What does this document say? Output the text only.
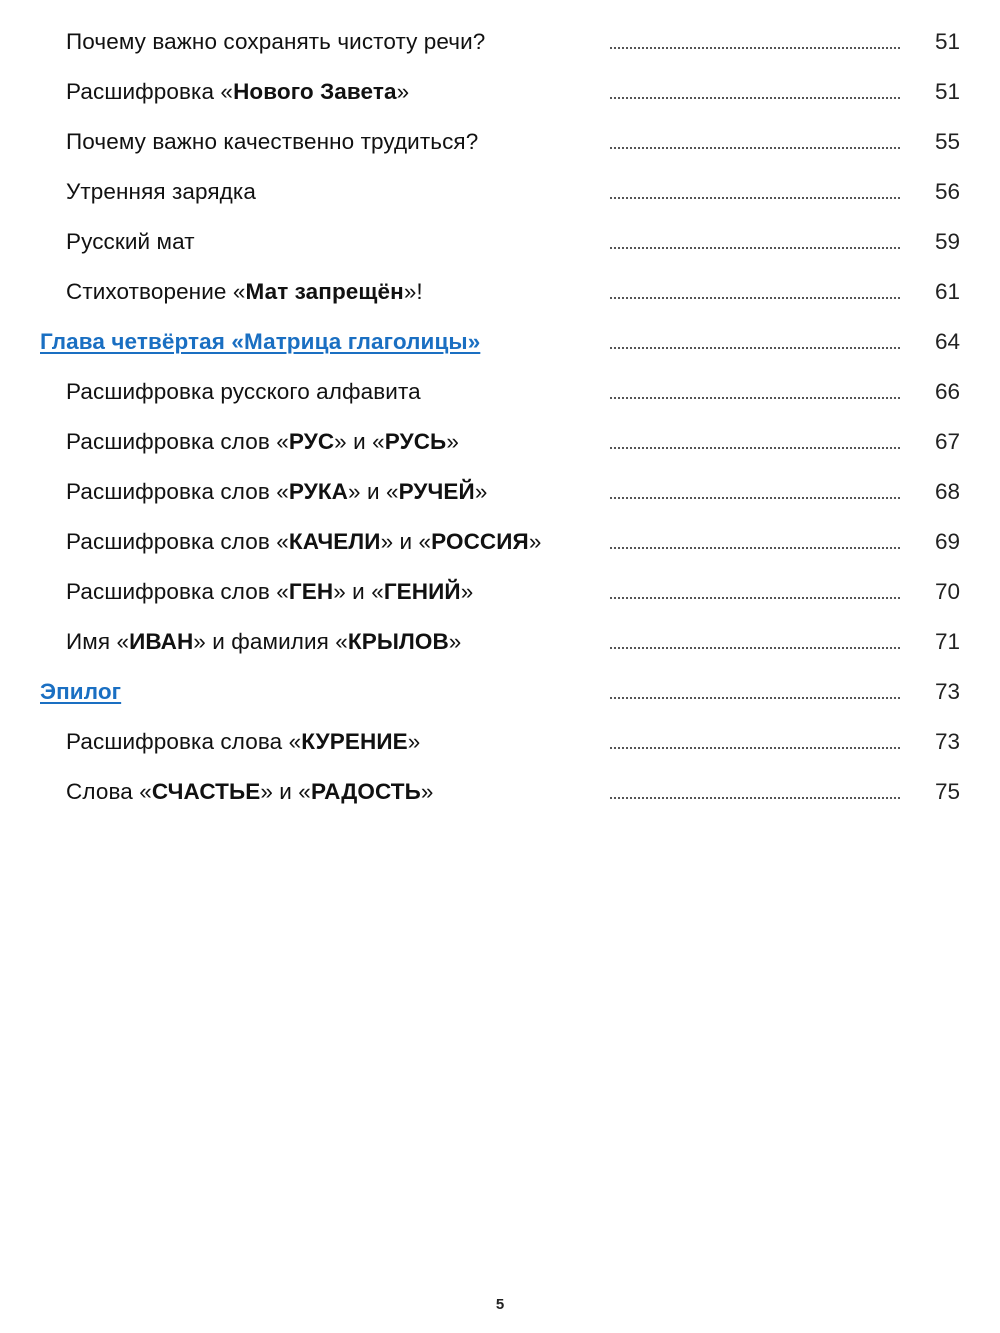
Почему важно сохранять чистоту речи?	51
Расшифровка «Нового Завета»	51
Почему важно качественно трудиться?	55
Утренняя зарядка	56
Русский мат	59
Стихотворение «Мат запрещён»!	61
Глава четвёртая «Матрица глаголицы»	64
Расшифровка русского алфавита	66
Расшифровка слов «РУС» и «РУСЬ»	67
Расшифровка слов «РУКА» и «РУЧЕЙ»	68
Расшифровка слов «КАЧЕЛИ» и «РОССИЯ»	69
Расшифровка слов «ГЕН» и «ГЕНИЙ»	70
Имя «ИВАН» и фамилия «КРЫЛОВ»	71
Эпилог	73
Расшифровка слова «КУРЕНИЕ»	73
Слова «СЧАСТЬЕ» и «РАДОСТЬ»	75
5
